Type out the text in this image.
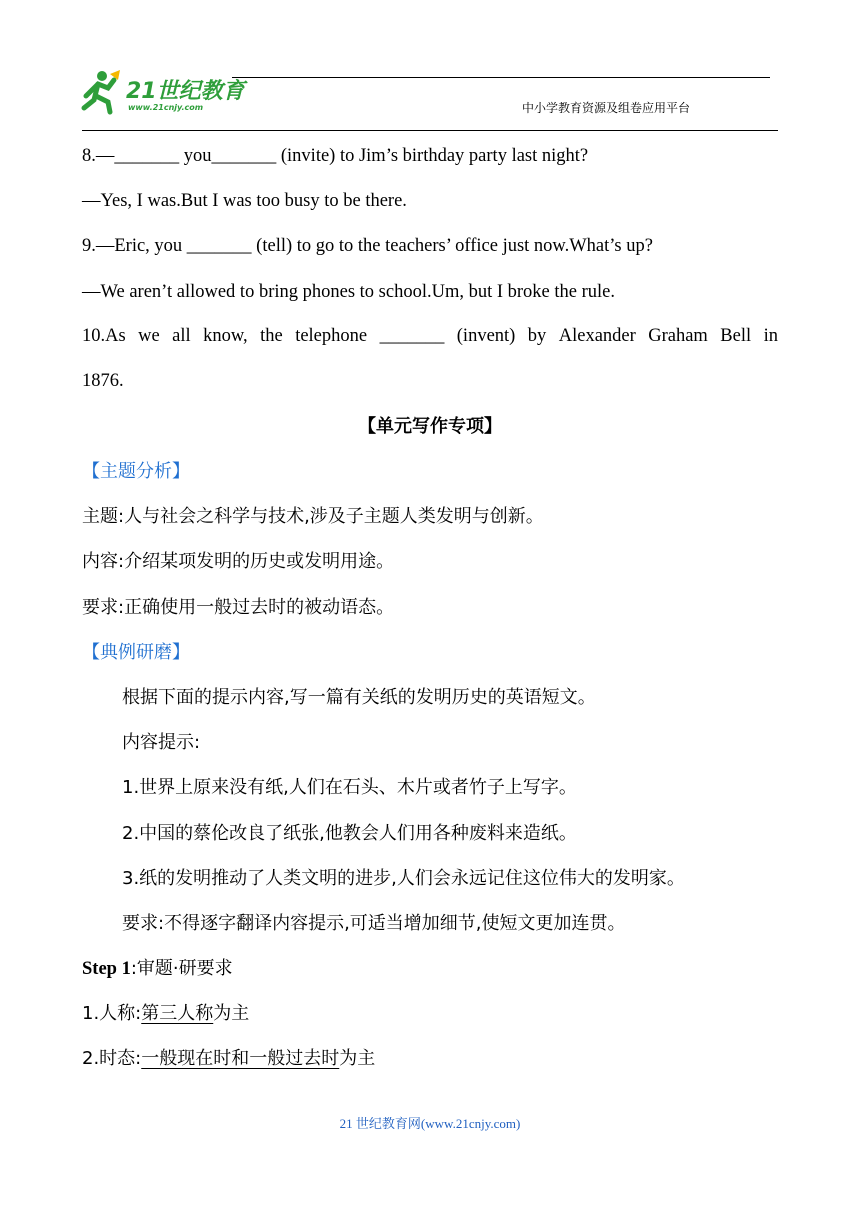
21世纪教育
www.21cnjy.com	中小学教育资源及组卷应用平台
8.—_______ you_______ (invite) to Jim’s birthday party last night?
—Yes, I was.But I was too busy to be there.
9.—Eric, you _______ (tell) to go to the teachers’ office just now.What’s up?
—We aren’t allowed to bring phones to school.Um, but I broke the rule.
10.As we all know, the telephone _______ (invent) by Alexander Graham Bell in
1876.
【单元写作专项】
【主题分析】
主题:人与社会之科学与技术,涉及子主题人类发明与创新。
内容:介绍某项发明的历史或发明用途。
要求:正确使用一般过去时的被动语态。
【典例研磨】
根据下面的提示内容,写一篇有关纸的发明历史的英语短文。
内容提示:
1.世界上原来没有纸,人们在石头、木片或者竹子上写字。
2.中国的蔡伦改良了纸张,他教会人们用各种废料来造纸。
3.纸的发明推动了人类文明的进步,人们会永远记住这位伟大的发明家。
要求:不得逐字翻译内容提示,可适当增加细节,使短文更加连贯。
Step 1:审题·研要求
1.人称:第三人称为主
2.时态:一般现在时和一般过去时为主
21 世纪教育网(www.21cnjy.com)
